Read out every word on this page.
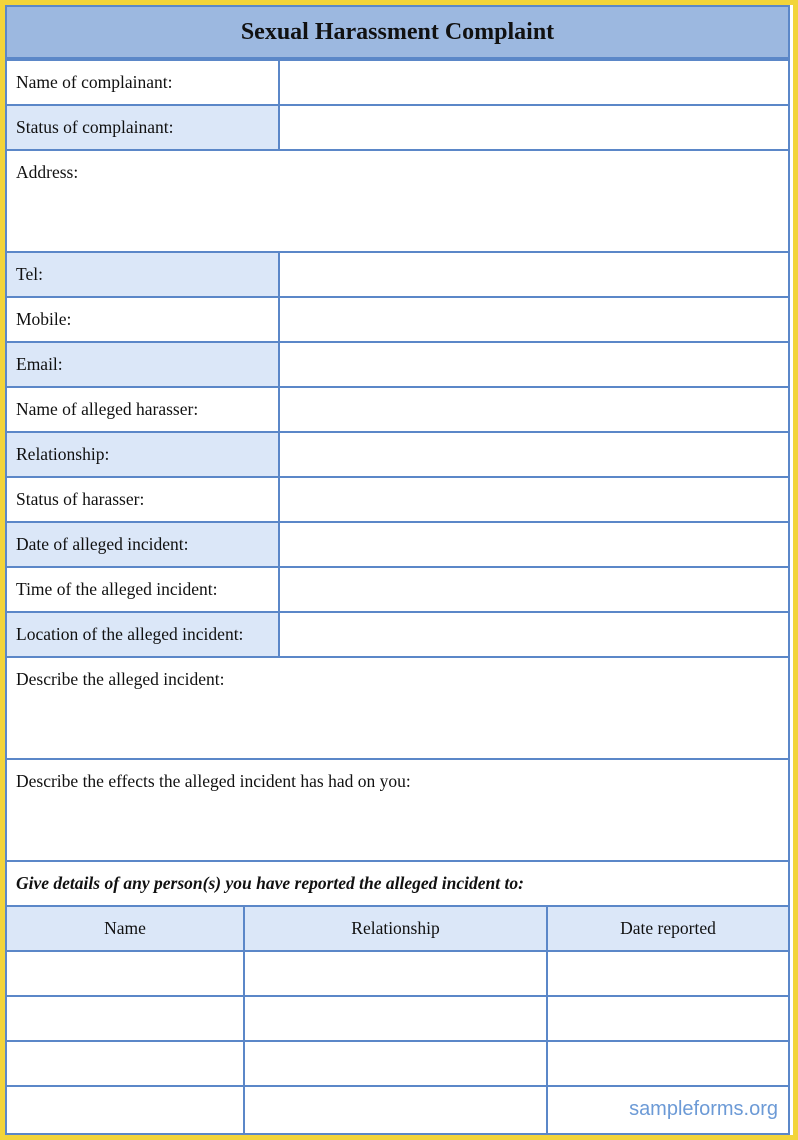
Sexual Harassment Complaint
Name of complainant:
Status of complainant:
Address:
Tel:
Mobile:
Email:
Name of alleged harasser:
Relationship:
Status of harasser:
Date of alleged incident:
Time of the alleged incident:
Location of the alleged incident:
Describe the alleged incident:
Describe the effects the alleged incident has had on you:
Give details of any person(s) you have reported the alleged incident to:
Name	Relationship	Date reported
sampleforms.org
